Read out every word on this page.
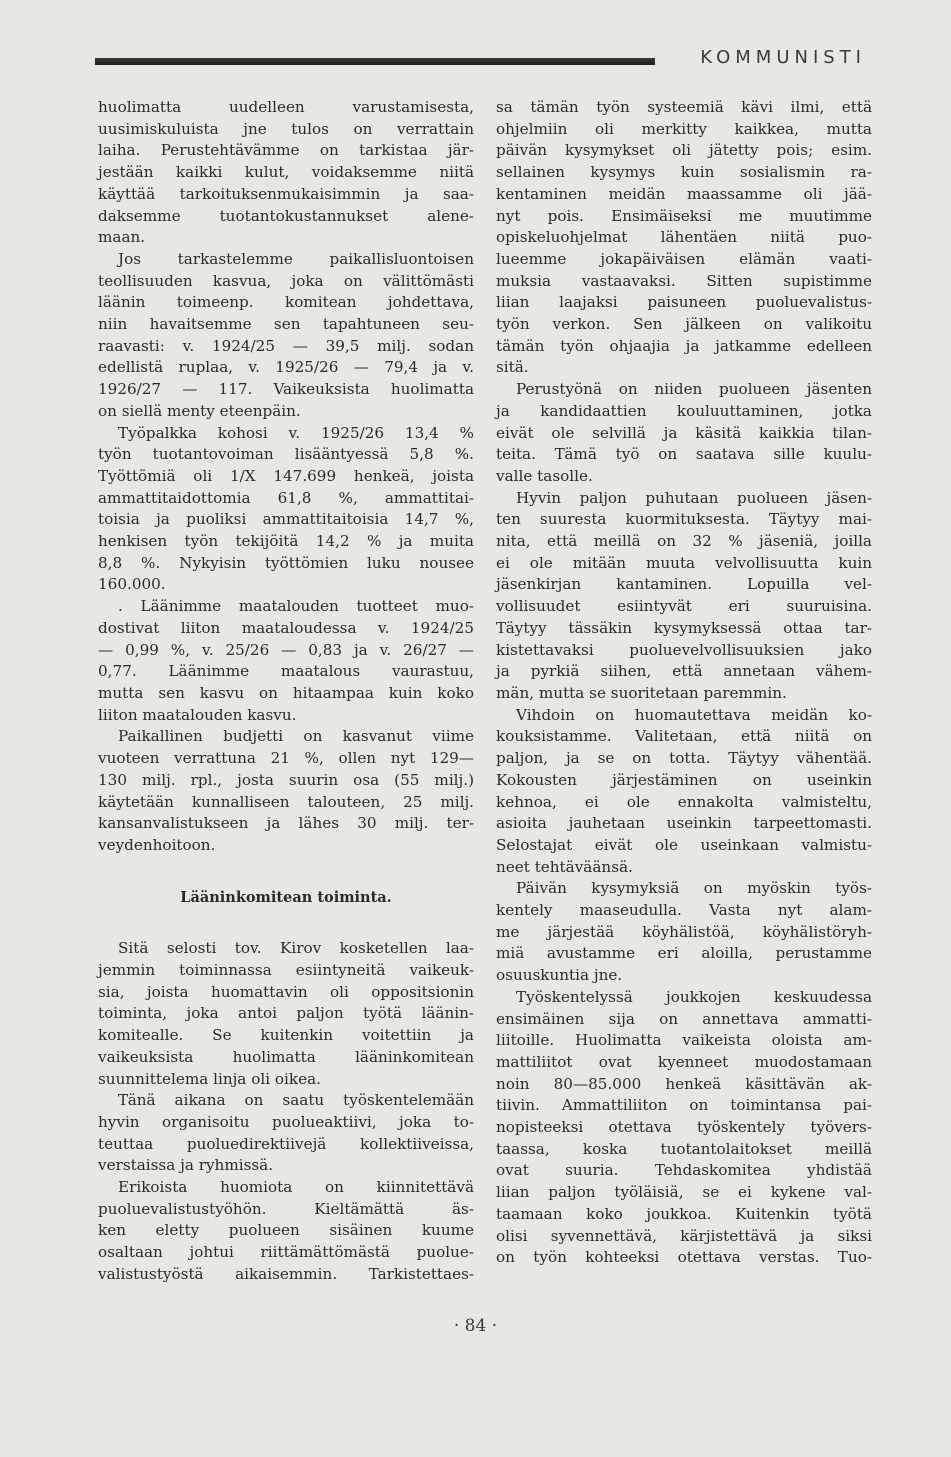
KOMMUNISTI
huolimatta uudelleen varustamisesta,
uusimiskuluista jne tulos on verrattain
laiha. Perustehtävämme on tarkistaa jär-
jestään kaikki kulut, voidaksemme niitä
käyttää tarkoituksenmukaisimmin ja saa-
daksemme tuotantokustannukset alene-
maan.
Jos tarkastelemme paikallisluontoisen
teollisuuden kasvua, joka on välittömästi
läänin toimeenp. komitean johdettava,
niin havaitsemme sen tapahtuneen seu-
raavasti: v. 1924/25 — 39,5 milj. sodan
edellistä ruplaa, v. 1925/26 — 79,4 ja v.
1926/27 — 117. Vaikeuksista huolimatta
on siellä menty eteenpäin.
Työpalkka kohosi v. 1925/26 13,4 %
työn tuotantovoiman lisääntyessä 5,8 %.
Työttömiä oli 1/X 147.699 henkeä, joista
ammattitaidottomia 61,8 %, ammattitai-
toisia ja puoliksi ammattitaitoisia 14,7 %,
henkisen työn tekijöitä 14,2 % ja muita
8,8 %. Nykyisin työttömien luku nousee
160.000.
. Läänimme maatalouden tuotteet muo-
dostivat liiton maataloudessa v. 1924/25
— 0,99 %, v. 25/26 — 0,83 ja v. 26/27 —
0,77. Läänimme maatalous vaurastuu,
mutta sen kasvu on hitaampaa kuin koko
liiton maatalouden kasvu.
Paikallinen budjetti on kasvanut viime
vuoteen verrattuna 21 %, ollen nyt 129—
130 milj. rpl., josta suurin osa (55 milj.)
käytetään kunnalliseen talouteen, 25 milj.
kansanvalistukseen ja lähes 30 milj. ter-
veydenhoitoon.
Lääninkomitean toiminta.
Sitä selosti tov. Kirov kosketellen laa-
jemmin toiminnassa esiintyneitä vaikeuk-
sia, joista huomattavin oli oppositsionin
toiminta, joka antoi paljon työtä läänin-
komitealle. Se kuitenkin voitettiin ja
vaikeuksista huolimatta lääninkomitean
suunnittelema linja oli oikea.
Tänä aikana on saatu työskentelemään
hyvin organisoitu puolueaktiivi, joka to-
teuttaa puoluedirektiivejä kollektiiveissa,
verstaissa ja ryhmissä.
Erikoista huomiota on kiinnitettävä
puoluevalistustyöhön. Kieltämättä äs-
ken eletty puolueen sisäinen kuume
osaltaan johtui riittämättömästä puolue-
valistustyöstä aikaisemmin. Tarkistettaes-
sa tämän työn systeemiä kävi ilmi, että
ohjelmiin oli merkitty kaikkea, mutta
päivän kysymykset oli jätetty pois; esim.
sellainen kysymys kuin sosialismin ra-
kentaminen meidän maassamme oli jää-
nyt pois. Ensimäiseksi me muutimme
opiskeluohjelmat lähentäen niitä puo-
lueemme jokapäiväisen elämän vaati-
muksia vastaavaksi. Sitten supistimme
liian laajaksi paisuneen puoluevalistus-
työn verkon. Sen jälkeen on valikoitu
tämän työn ohjaajia ja jatkamme edelleen
sitä.
Perustyönä on niiden puolueen jäsenten
ja kandidaattien kouluuttaminen, jotka
eivät ole selvillä ja käsitä kaikkia tilan-
teita. Tämä työ on saatava sille kuulu-
valle tasolle.
Hyvin paljon puhutaan puolueen jäsen-
ten suuresta kuormituksesta. Täytyy mai-
nita, että meillä on 32 % jäseniä, joilla
ei ole mitään muuta velvollisuutta kuin
jäsenkirjan kantaminen. Lopuilla vel-
vollisuudet esiintyvät eri suuruisina.
Täytyy tässäkin kysymyksessä ottaa tar-
kistettavaksi puoluevelvollisuuksien jako
ja pyrkiä siihen, että annetaan vähem-
män, mutta se suoritetaan paremmin.
Vihdoin on huomautettava meidän ko-
kouksistamme. Valitetaan, että niitä on
paljon, ja se on totta. Täytyy vähentää.
Kokousten järjestäminen on useinkin
kehnoa, ei ole ennakolta valmisteltu,
asioita jauhetaan useinkin tarpeettomasti.
Selostajat eivät ole useinkaan valmistu-
neet tehtäväänsä.
Päivän kysymyksiä on myöskin työs-
kentely maaseudulla. Vasta nyt alam-
me järjestää köyhälistöä, köyhälistöryh-
miä avustamme eri aloilla, perustamme
osuuskuntia jne.
Työskentelyssä joukkojen keskuudessa
ensimäinen sija on annettava ammatti-
liitoille. Huolimatta vaikeista oloista am-
mattiliitot ovat kyenneet muodostamaan
noin 80—85.000 henkeä käsittävän ak-
tiivin. Ammattiliiton on toimintansa pai-
nopisteeksi otettava työskentely työvers-
taassa, koska tuotantolaitokset meillä
ovat suuria. Tehdaskomitea yhdistää
liian paljon työläisiä, se ei kykene val-
taamaan koko joukkoa. Kuitenkin työtä
olisi syvennettävä, kärjistettävä ja siksi
on työn kohteeksi otettava verstas. Tuo-
· 84 ·
